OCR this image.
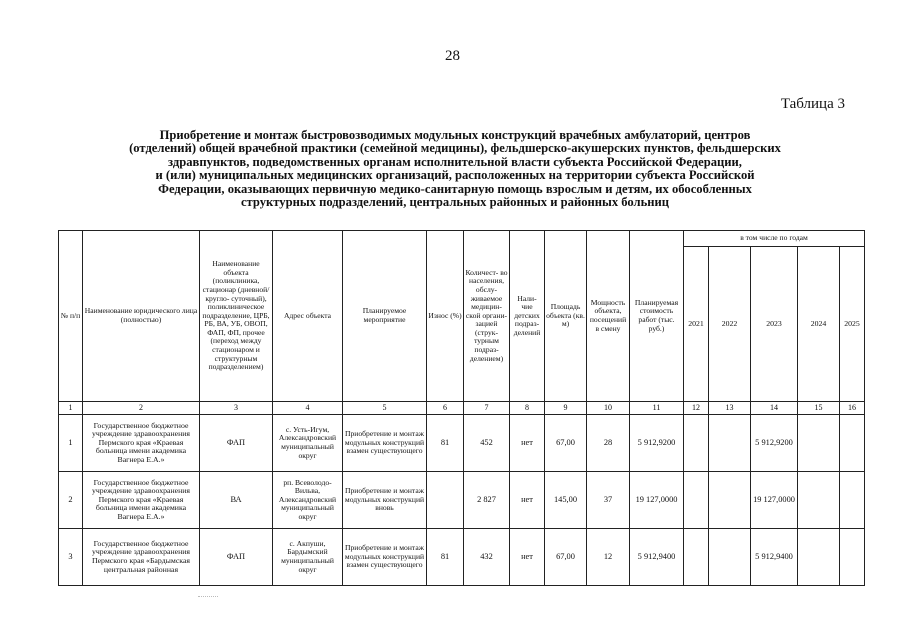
28
Таблица 3
Приобретение и монтаж быстровозводимых модульных конструкций врачебных амбулаторий, центров
(отделений) общей врачебной практики (семейной медицины), фельдшерско-акушерских пунктов, фельдшерских
здравпунктов, подведомственных органам исполнительной власти субъекта Российской Федерации,
и (или) муниципальных медицинских организаций, расположенных на территории субъекта Российской
Федерации, оказывающих первичную медико-санитарную помощь взрослым и детям, их обособленных
структурных подразделений, центральных районных и районных больниц
№ п/п	Наименование юридического лица (полностью)	Наименование объекта (поликлиника, стационар (дневной/ кругло- суточный), поликлиническое подразделение, ЦРБ, РБ, ВА, УБ, ОВОП, ФАП, ФП, прочее (переход между стационаром и структурным подразделением)	Адрес объекта	Планируемое мероприятие	Износ (%)	Количест- во населения, обслу- живаемое медицин- ской органи- зацией (струк- турным подраз- делением)	Нали- чие детских подраз- делений	Площадь объекта (кв. м)	Мощность объекта, посещений в смену	Планируемая стоимость работ (тыс. руб.)	в том числе по годам				
											2021	2022	2023	2024	2025
1	2	3	4	5	6	7	8	9	10	11	12	13	14	15	16
1	Государственное бюджетное учреждение здравоохранения Пермского края «Краевая больница имени академика Вагнера Е.А.»	ФАП	с. Усть-Игум, Александровский муниципальный округ	Приобретение и монтаж модульных конструкций взамен существующего	81	452	нет	67,00	28	5 912,9200			5 912,9200		
2	Государственное бюджетное учреждение здравоохранения Пермского края «Краевая больница имени академика Вагнера Е.А.»	ВА	рп. Всеволодо- Вильва, Александровский муниципальный округ	Приобретение и монтаж модульных конструкций вновь		2 827	нет	145,00	37	19 127,0000			19 127,0000		
3	Государственное бюджетное учреждение здравоохранения Пермского края «Бардымская центральная районная	ФАП	с. Акпуши, Бардымский муниципальный округ	Приобретение и монтаж модульных конструкций взамен существующего	81	432	нет	67,00	12	5 912,9400			5 912,9400		
